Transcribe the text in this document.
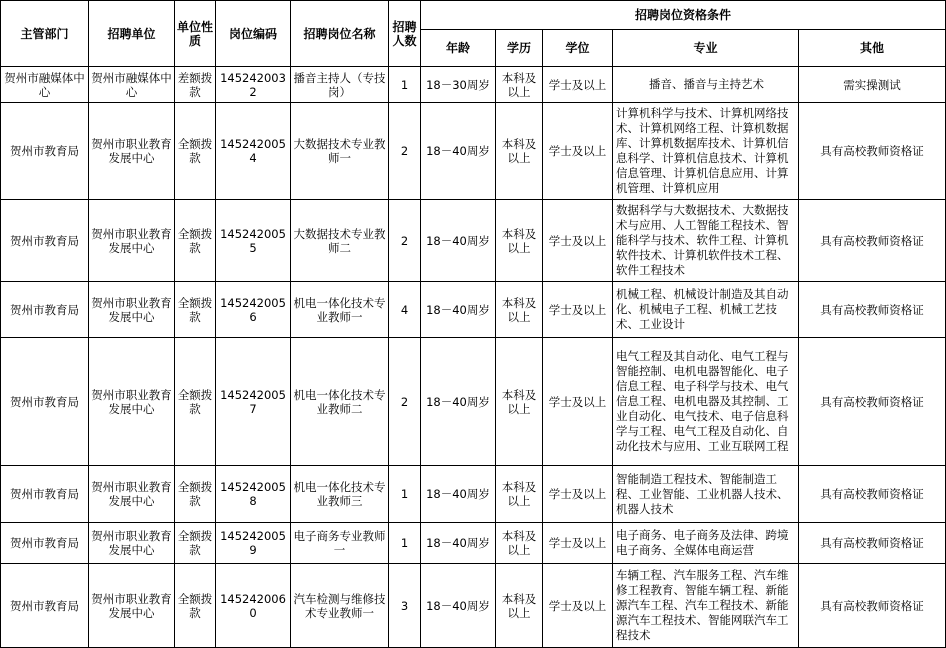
主管部门	招聘单位	单位性质	岗位编码	招聘岗位名称	招聘人数	招聘岗位资格条件				
						年龄	学历	学位	专业	其他
贺州市融媒体中心	贺州市融媒体中心	差额拨款	1452420032	播音主持人（专技岗）	1	18－30周岁	本科及以上	学士及以上	播音、播音与主持艺术	需实操测试
贺州市教育局	贺州市职业教育发展中心	全额拨款	1452420054	大数据技术专业教师一	2	18－40周岁	本科及以上	学士及以上	计算机科学与技术、计算机网络技术、计算机网络工程、计算机数据库、计算机数据库技术、计算机信息科学、计算机信息技术、计算机信息管理、计算机信息应用、计算机管理、计算机应用	具有高校教师资格证
贺州市教育局	贺州市职业教育发展中心	全额拨款	1452420055	大数据技术专业教师二	2	18－40周岁	本科及以上	学士及以上	数据科学与大数据技术、大数据技术与应用、人工智能工程技术、智能科学与技术、软件工程、计算机软件技术、计算机软件技术工程、软件工程技术	具有高校教师资格证
贺州市教育局	贺州市职业教育发展中心	全额拨款	1452420056	机电一体化技术专业教师一	4	18－40周岁	本科及以上	学士及以上	机械工程、机械设计制造及其自动化、机械电子工程、机械工艺技术、工业设计	具有高校教师资格证
贺州市教育局	贺州市职业教育发展中心	全额拨款	1452420057	机电一体化技术专业教师二	2	18－40周岁	本科及以上	学士及以上	电气工程及其自动化、电气工程与智能控制、电机电器智能化、电子信息工程、电子科学与技术、电气信息工程、电机电器及其控制、工业自动化、电气技术、电子信息科学与工程、电气工程及自动化、自动化技术与应用、工业互联网工程	具有高校教师资格证
贺州市教育局	贺州市职业教育发展中心	全额拨款	1452420058	机电一体化技术专业教师三	1	18－40周岁	本科及以上	学士及以上	智能制造工程技术、智能制造工程、工业智能、工业机器人技术、机器人技术	具有高校教师资格证
贺州市教育局	贺州市职业教育发展中心	全额拨款	1452420059	电子商务专业教师一	1	18－40周岁	本科及以上	学士及以上	电子商务、电子商务及法律、跨境电子商务、全媒体电商运营	具有高校教师资格证
贺州市教育局	贺州市职业教育发展中心	全额拨款	1452420060	汽车检测与维修技术专业教师一	3	18－40周岁	本科及以上	学士及以上	车辆工程、汽车服务工程、汽车维修工程教育、智能车辆工程、新能源汽车工程、汽车工程技术、新能源汽车工程技术、智能网联汽车工程技术	具有高校教师资格证
